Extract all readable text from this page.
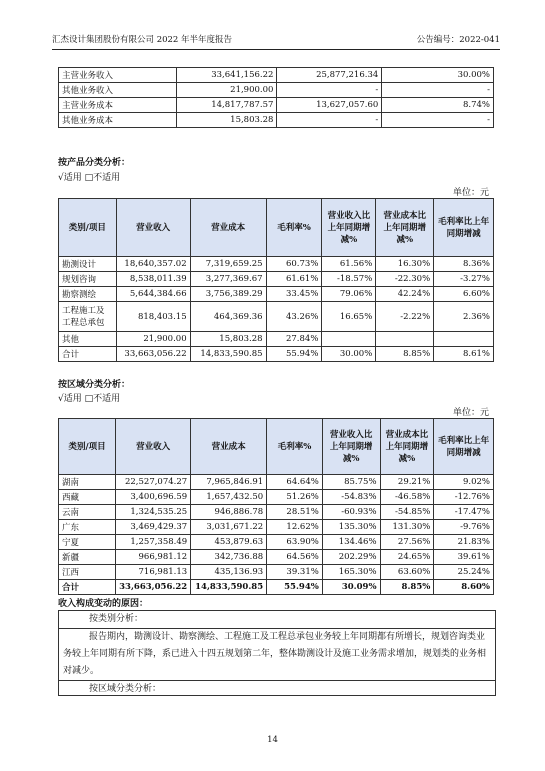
汇杰设计集团股份有限公司 2022 年半年度报告	公告编号：2022-041
主营业务收入	33,641,156.22	25,877,216.34	30.00%
其他业务收入	21,900.00	-	-
主营业务成本	14,817,787.57	13,627,057.60	8.74%
其他业务成本	15,803.28	-	-
按产品分类分析：
√适用 □不适用
单位：元
类别/项目	营业收入	营业成本	毛利率%	营业收入比上年同期增减%	营业成本比上年同期增减%	毛利率比上年同期增减
勘测设计	18,640,357.02	7,319,659.25	60.73%	61.56%	16.30%	8.36%
规划咨询	8,538,011.39	3,277,369.67	61.61%	-18.57%	-22.30%	-3.27%
勘察测绘	5,644,384.66	3,756,389.29	33.45%	79.06%	42.24%	6.60%
工程施工及工程总承包	818,403.15	464,369.36	43.26%	16.65%	-2.22%	2.36%
其他	21,900.00	15,803.28	27.84%			
合计	33,663,056.22	14,833,590.85	55.94%	30.00%	8.85%	8.61%
按区域分类分析：
√适用 □不适用
单位：元
类别/项目	营业收入	营业成本	毛利率%	营业收入比上年同期增减%	营业成本比上年同期增减%	毛利率比上年同期增减
湖南	22,527,074.27	7,965,846.91	64.64%	85.75%	29.21%	9.02%
西藏	3,400,696.59	1,657,432.50	51.26%	-54.83%	-46.58%	-12.76%
云南	1,324,535.25	946,886.78	28.51%	-60.93%	-54.85%	-17.47%
广东	3,469,429.37	3,031,671.22	12.62%	135.30%	131.30%	-9.76%
宁夏	1,257,358.49	453,879.63	63.90%	134.46%	27.56%	21.83%
新疆	966,981.12	342,736.88	64.56%	202.29%	24.65%	39.61%
江西	716,981.13	435,136.93	39.31%	165.30%	63.60%	25.24%
合计	33,663,056.22	14,833,590.85	55.94%	30.09%	8.85%	8.60%
收入构成变动的原因：
按类别分析：
报告期内，勘测设计、勘察测绘、工程施工及工程总承包业务较上年同期都有所增长，规划咨询类业务较上年同期有所下降，系已进入十四五规划第二年，整体勘测设计及施工业务需求增加，规划类的业务相对减少。
按区域分类分析：
14
